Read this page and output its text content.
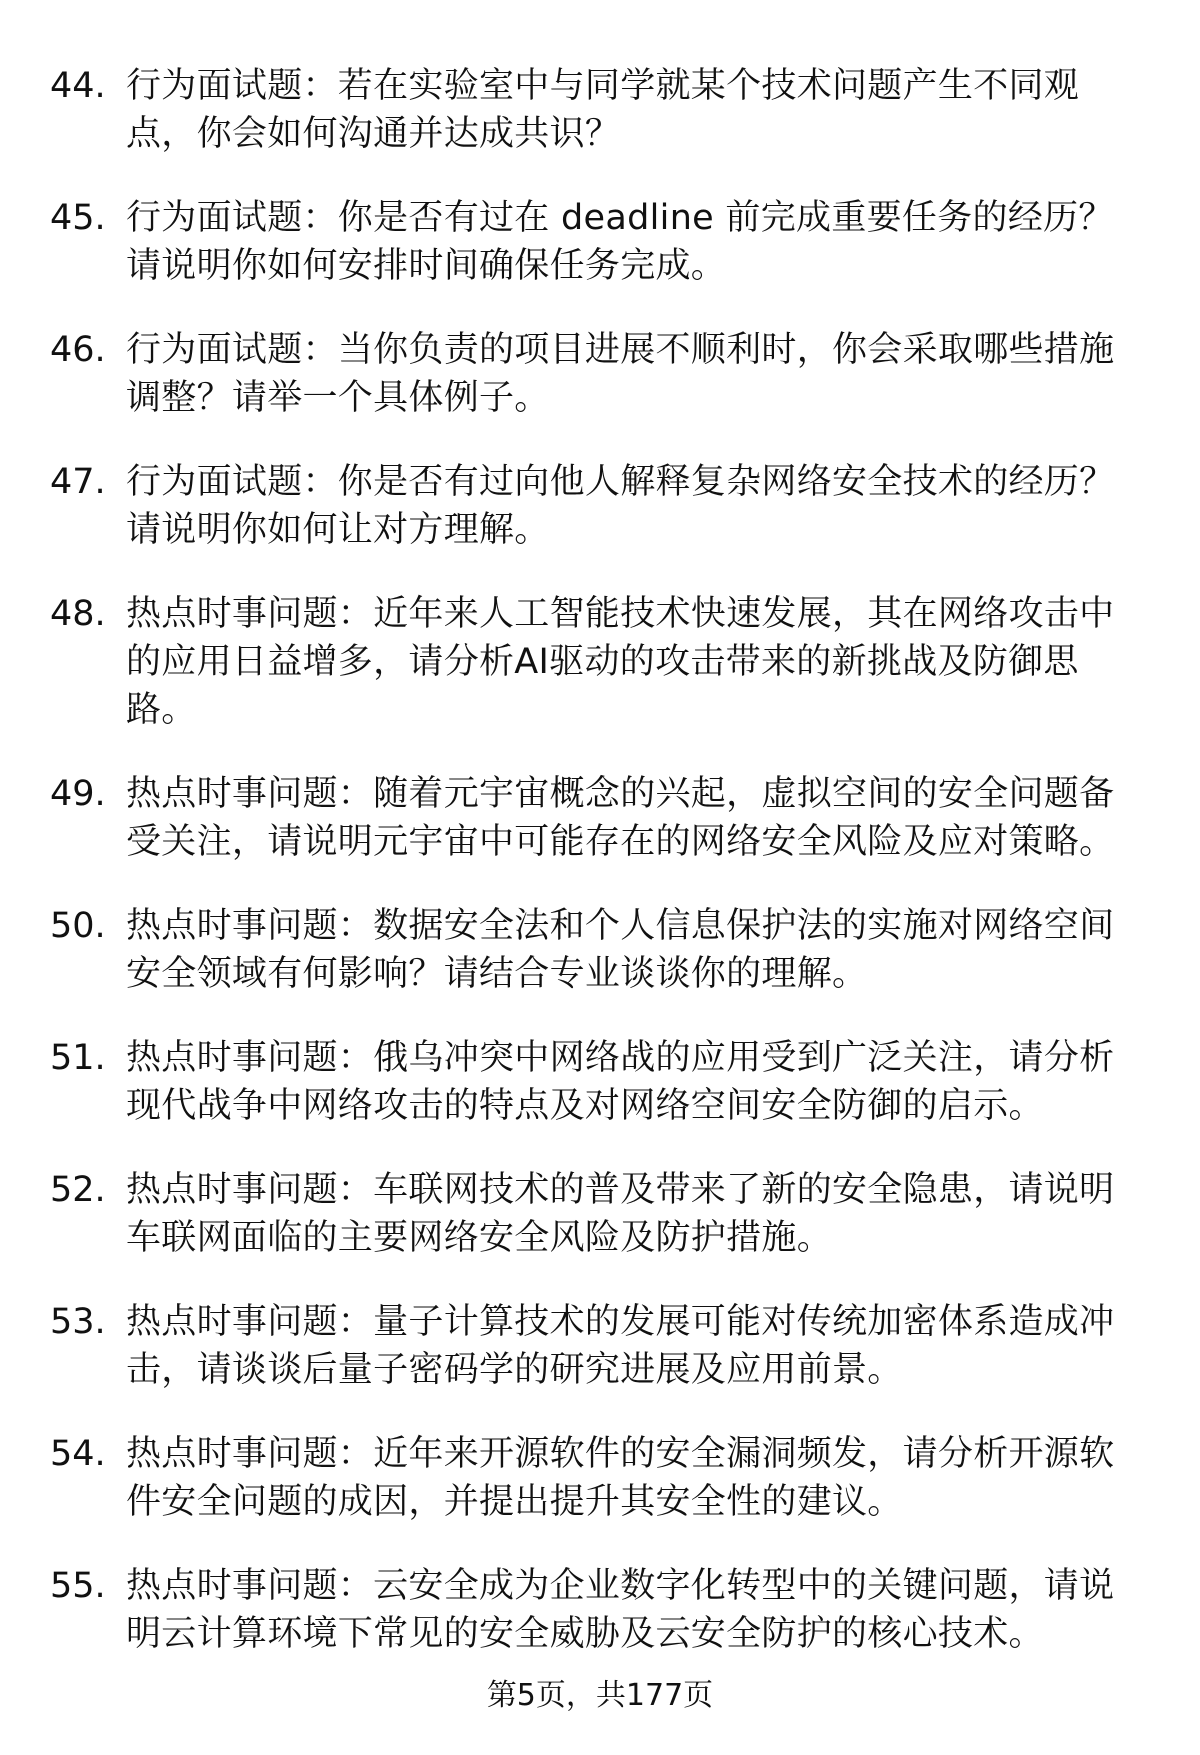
44. 行为面试题：若在实验室中与同学就某个技术问题产生不同观点，你会如何沟通并达成共识？
45. 行为面试题：你是否有过在 deadline 前完成重要任务的经历？请说明你如何安排时间确保任务完成。
46. 行为面试题：当你负责的项目进展不顺利时，你会采取哪些措施调整？请举一个具体例子。
47. 行为面试题：你是否有过向他人解释复杂网络安全技术的经历？请说明你如何让对方理解。
48. 热点时事问题：近年来人工智能技术快速发展，其在网络攻击中的应用日益增多，请分析AI驱动的攻击带来的新挑战及防御思路。
49. 热点时事问题：随着元宇宙概念的兴起，虚拟空间的安全问题备受关注，请说明元宇宙中可能存在的网络安全风险及应对策略。
50. 热点时事问题：数据安全法和个人信息保护法的实施对网络空间安全领域有何影响？请结合专业谈谈你的理解。
51. 热点时事问题：俄乌冲突中网络战的应用受到广泛关注，请分析现代战争中网络攻击的特点及对网络空间安全防御的启示。
52. 热点时事问题：车联网技术的普及带来了新的安全隐患，请说明车联网面临的主要网络安全风险及防护措施。
53. 热点时事问题：量子计算技术的发展可能对传统加密体系造成冲击，请谈谈后量子密码学的研究进展及应用前景。
54. 热点时事问题：近年来开源软件的安全漏洞频发，请分析开源软件安全问题的成因，并提出提升其安全性的建议。
55. 热点时事问题：云安全成为企业数字化转型中的关键问题，请说明云计算环境下常见的安全威胁及云安全防护的核心技术。
第5页，共177页
